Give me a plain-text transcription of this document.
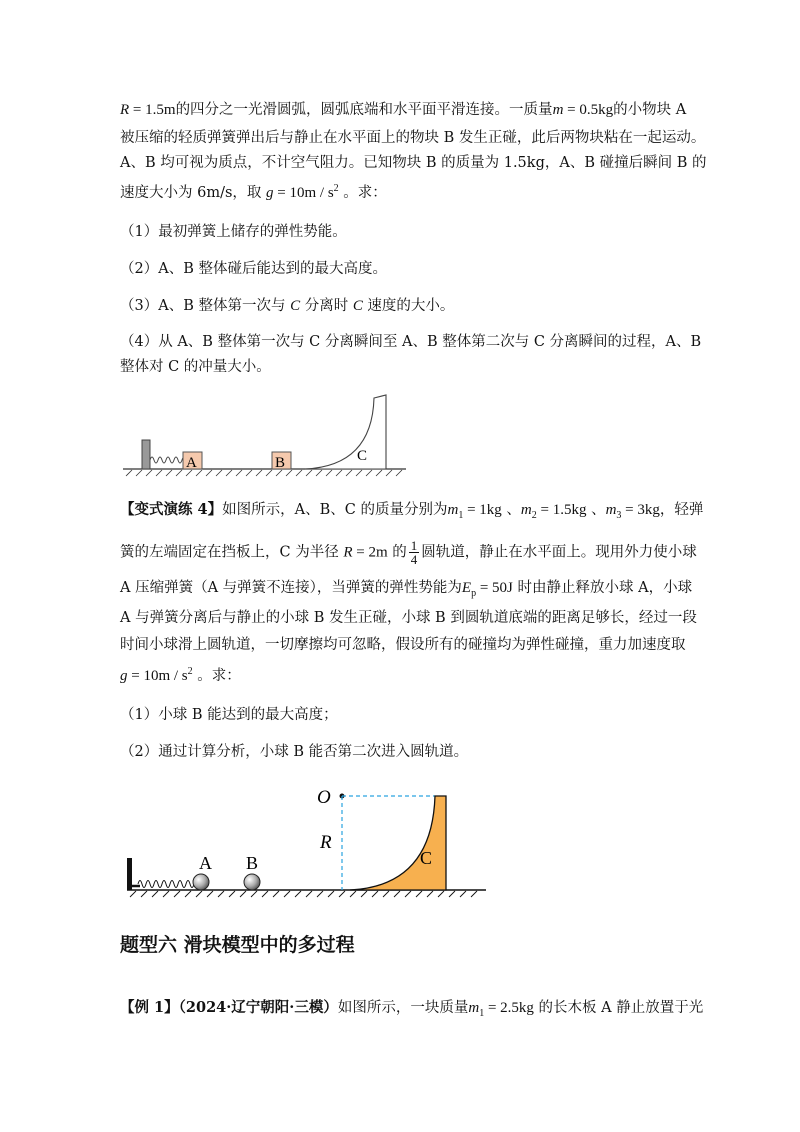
R = 1.5m的四分之一光滑圆弧，圆弧底端和水平面平滑连接。一质量m = 0.5kg的小物块 A
被压缩的轻质弹簧弹出后与静止在水平面上的物块 B 发生正碰，此后两物块粘在一起运动。
A、B 均可视为质点，不计空气阻力。已知物块 B 的质量为 1.5kg，A、B 碰撞后瞬间 B 的
速度大小为 6m/s，取 $g = 10m / s^2$ 。求：
（1）最初弹簧上储存的弹性势能。
（2）A、B 整体碰后能达到的最大高度。
（3）A、B 整体第一次与 C 分离时 C 速度的大小。
（4）从 A、B 整体第一次与 C 分离瞬间至 A、B 整体第二次与 C 分离瞬间的过程，A、B
整体对 C 的冲量大小。
A	B	C
【变式演练 4】如图所示，A、B、C 的质量分别为$m_1 = 1kg$ 、$m_2 = 1.5kg$ 、$m_3 = 3kg$，轻弹
簧的左端固定在挡板上，C 为半径 R = 2m 的 $\frac{1}{4}$ 圆轨道，静止在水平面上。现用外力使小球
A 压缩弹簧（A 与弹簧不连接），当弹簧的弹性势能为$E_p = 50J$ 时由静止释放小球 A，小球
A 与弹簧分离后与静止的小球 B 发生正碰，小球 B 到圆轨道底端的距离足够长，经过一段
时间小球滑上圆轨道，一切摩擦均可忽略，假设所有的碰撞均为弹性碰撞，重力加速度取
$g = 10m / s^2$ 。求：
（1）小球 B 能达到的最大高度；
（2）通过计算分析，小球 B 能否第二次进入圆轨道。
A B
O
R
C
题型六 滑块模型中的多过程
【例 1】（2024·辽宁朝阳·三模）如图所示，一块质量$m_1 = 2.5kg$ 的长木板 A 静止放置于光
